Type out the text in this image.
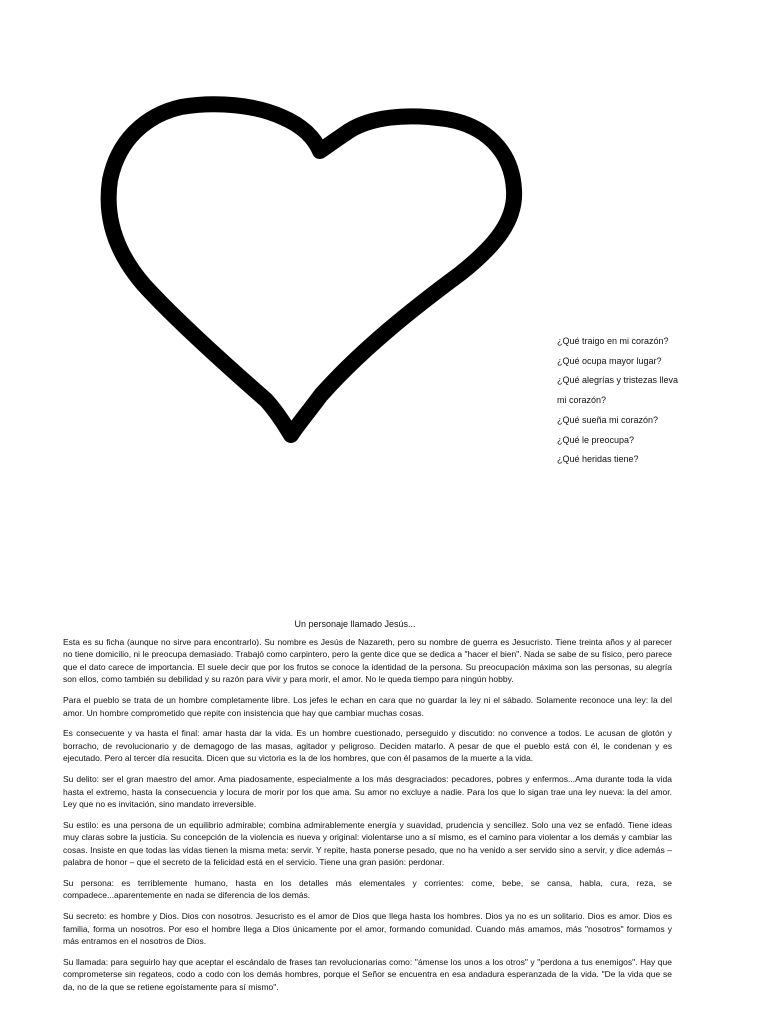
¿Qué traigo en mi corazón?
¿Qué ocupa mayor lugar?
¿Qué alegrías y tristezas lleva
mi corazón?
¿Qué sueña mi corazón?
¿Qué le preocupa?
¿Qué heridas tiene?
Un personaje llamado Jesús...

Esta es su ficha (aunque no sirve para encontrarlo). Su nombre es Jesús de Nazareth, pero su nombre de guerra es Jesucristo. Tiene treinta años y al parecer no tiene domicilio, ni le preocupa demasiado. Trabajó como carpintero, pero la gente dice que se dedica a "hacer el bien". Nada se sabe de su físico, pero parece que el dato carece de importancia. El suele decir que por los frutos se conoce la identidad de la persona. Su preocupación máxima son las personas, su alegría son ellos, como también su debilidad y su razón para vivir y para morir, el amor. No le queda tiempo para ningún hobby.

Para el pueblo se trata de un hombre completamente libre. Los jefes le echan en cara que no guardar la ley ni el sábado. Solamente reconoce una ley: la del amor. Un hombre comprometido que repite con insistencia que hay que cambiar muchas cosas.

Es consecuente y va hasta el final: amar hasta dar la vida. Es un hombre cuestionado, perseguido y discutido: no convence a todos. Le acusan de glotón y borracho, de revolucionario y de demagogo de las masas, agitador y peligroso. Deciden matarlo. A pesar de que el pueblo está con él, le condenan y es ejecutado. Pero al tercer día resucita. Dicen que su victoria es la de los hombres, que con él pasamos de la muerte a la vida.

Su delito: ser el gran maestro del amor. Ama piadosamente, especialmente a los más desgraciados: pecadores, pobres y enfermos...Ama durante toda la vida hasta el extremo, hasta la consecuencia y locura de morir por los que ama. Su amor no excluye a nadie. Para los que lo sigan trae una ley nueva: la del amor. Ley que no es invitación, sino mandato irreversible.

Su estilo: es una persona de un equilibrio admirable; combina admirablemente energía y suavidad, prudencia y sencillez. Solo una vez se enfadó. Tiene ideas muy claras sobre la justicia. Su concepción de la violencia es nueva y original: violentarse uno a sí mismo, es el camino para violentar a los demás y cambiar las cosas. Insiste en que todas las vidas tienen la misma meta: servir. Y repite, hasta ponerse pesado, que no ha venido a ser servido sino a servir, y dice además – palabra de honor – que el secreto de la felicidad está en el servicio. Tiene una gran pasión: perdonar.

Su persona: es terriblemente humano, hasta en los detalles más elementales y corrientes: come, bebe, se cansa, habla, cura, reza, se compadece...aparentemente en nada se diferencia de los demás.

Su secreto: es hombre y Dios. Dios con nosotros. Jesucristo es el amor de Dios que llega hasta los hombres. Dios ya no es un solitario. Dios es amor. Dios es familia, forma un nosotros. Por eso el hombre llega a Dios únicamente por el amor, formando comunidad. Cuando más amamos, más "nosotros" formamos y más entramos en el nosotros de Dios.

Su llamada: para seguirlo hay que aceptar el escándalo de frases tan revolucionarias como: "ámense los unos a los otros" y "perdona a tus enemigos". Hay que comprometerse sin regateos, codo a codo con los demás hombres, porque el Señor se encuentra en esa andadura esperanzada de la vida. "De la vida que se da, no de la que se retiene egoístamente para sí mismo".
